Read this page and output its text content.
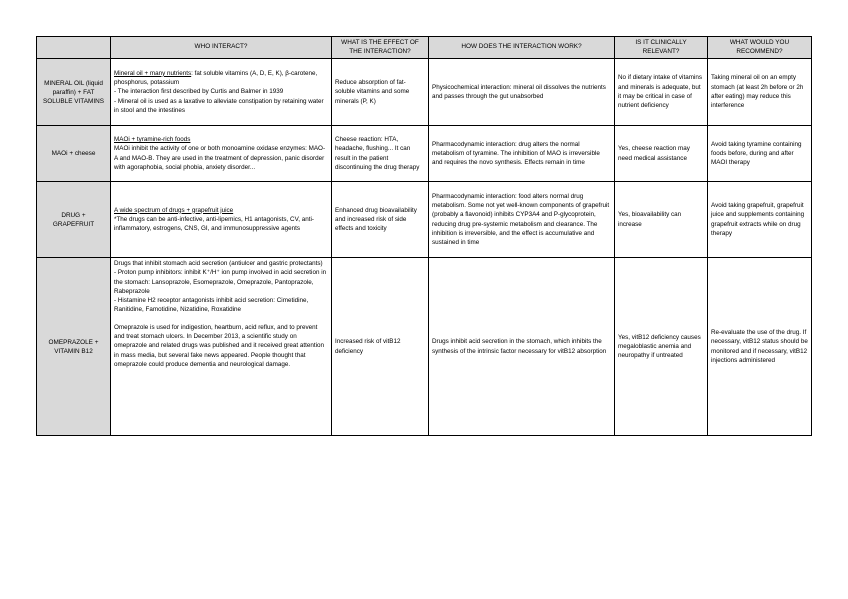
	WHO INTERACT?	WHAT IS THE EFFECT OF THE INTERACTION?	HOW DOES THE INTERACTION WORK?	IS IT CLINICALLY RELEVANT?	WHAT WOULD YOU RECOMMEND?
MINERAL OIL (liquid paraffin) + FAT SOLUBLE VITAMINS	Mineral oil + many nutrients: fat soluble vitamins (A, D, E, K), β-carotene, phosphorus, potassium

- The interaction first described by Curtis and Balmer in 1939

- Mineral oil is used as a laxative to alleviate constipation by retaining water in stool and the intestines	Reduce absorption of fat-soluble vitamins and some minerals (P, K)	Physicochemical interaction: mineral oil dissolves the nutrients and passes through the gut unabsorbed	No if dietary intake of vitamins and minerals is adequate, but it may be critical in case of nutrient deficiency	Taking mineral oil on an empty stomach (at least 2h before or 2h after eating) may reduce this interference
MAOi + cheese	MAOi + tyramine-rich foods

MAOi inhibit the activity of one or both monoamine oxidase enzymes: MAO-A and MAO-B. They are used in the treatment of depression, panic disorder with agoraphobia, social phobia, anxiety disorder...	Cheese reaction: HTA, headache, flushing... It can result in the patient discontinuing the drug therapy	Pharmacodynamic interaction: drug alters the normal metabolism of tyramine. The inhibition of MAO is irreversible and requires the novo synthesis. Effects remain in time	Yes, cheese reaction may need medical assistance	Avoid taking tyramine containing foods before, during and after MAOI therapy
DRUG + GRAPEFRUIT	A wide spectrum of drugs + grapefruit juice

*The drugs can be anti-infective, anti-lipemics, H1 antagonists, CV, anti-inflammatory, estrogens, CNS, GI, and immunosuppressive agents	Enhanced drug bioavailability and increased risk of side effects and toxicity	Pharmacodynamic interaction: food alters normal drug metabolism. Some not yet well-known components of grapefruit (probably a flavonoid) inhibits CYP3A4 and P-glycoprotein, reducing drug pre-systemic metabolism and clearance. The inhibition is irreversible, and the effect is accumulative and sustained in time	Yes, bioavailability can increase	Avoid taking grapefruit, grapefruit juice and supplements containing grapefruit extracts while on drug therapy
OMEPRAZOLE + VITAMIN B12	Drugs that inhibit stomach acid secretion (antiulcer and gastric protectants)

- Proton pump inhibitors: inhibit K⁺/H⁺ ion pump involved in acid secretion in the stomach: Lansoprazole, Esomeprazole, Omeprazole, Pantoprazole, Rabeprazole

- Histamine H2 receptor antagonists inhibit acid secretion: Cimetidine, Ranitidine, Famotidine, Nizatidine, Roxatidine

Omeprazole is used for indigestion, heartburn, acid reflux, and to prevent and treat stomach ulcers. In December 2013, a scientific study on omeprazole and related drugs was published and it received great attention in mass media, but several fake news appeared. People thought that omeprazole could produce dementia and neurological damage.	Increased risk of vitB12 deficiency	Drugs inhibit acid secretion in the stomach, which inhibits the synthesis of the intrinsic factor necessary for vitB12 absorption	Yes, vitB12 deficiency causes megaloblastic anemia and neuropathy if untreated	Re-evaluate the use of the drug. If necessary, vitB12 status should be monitored and if necessary, vitB12 injections administered
